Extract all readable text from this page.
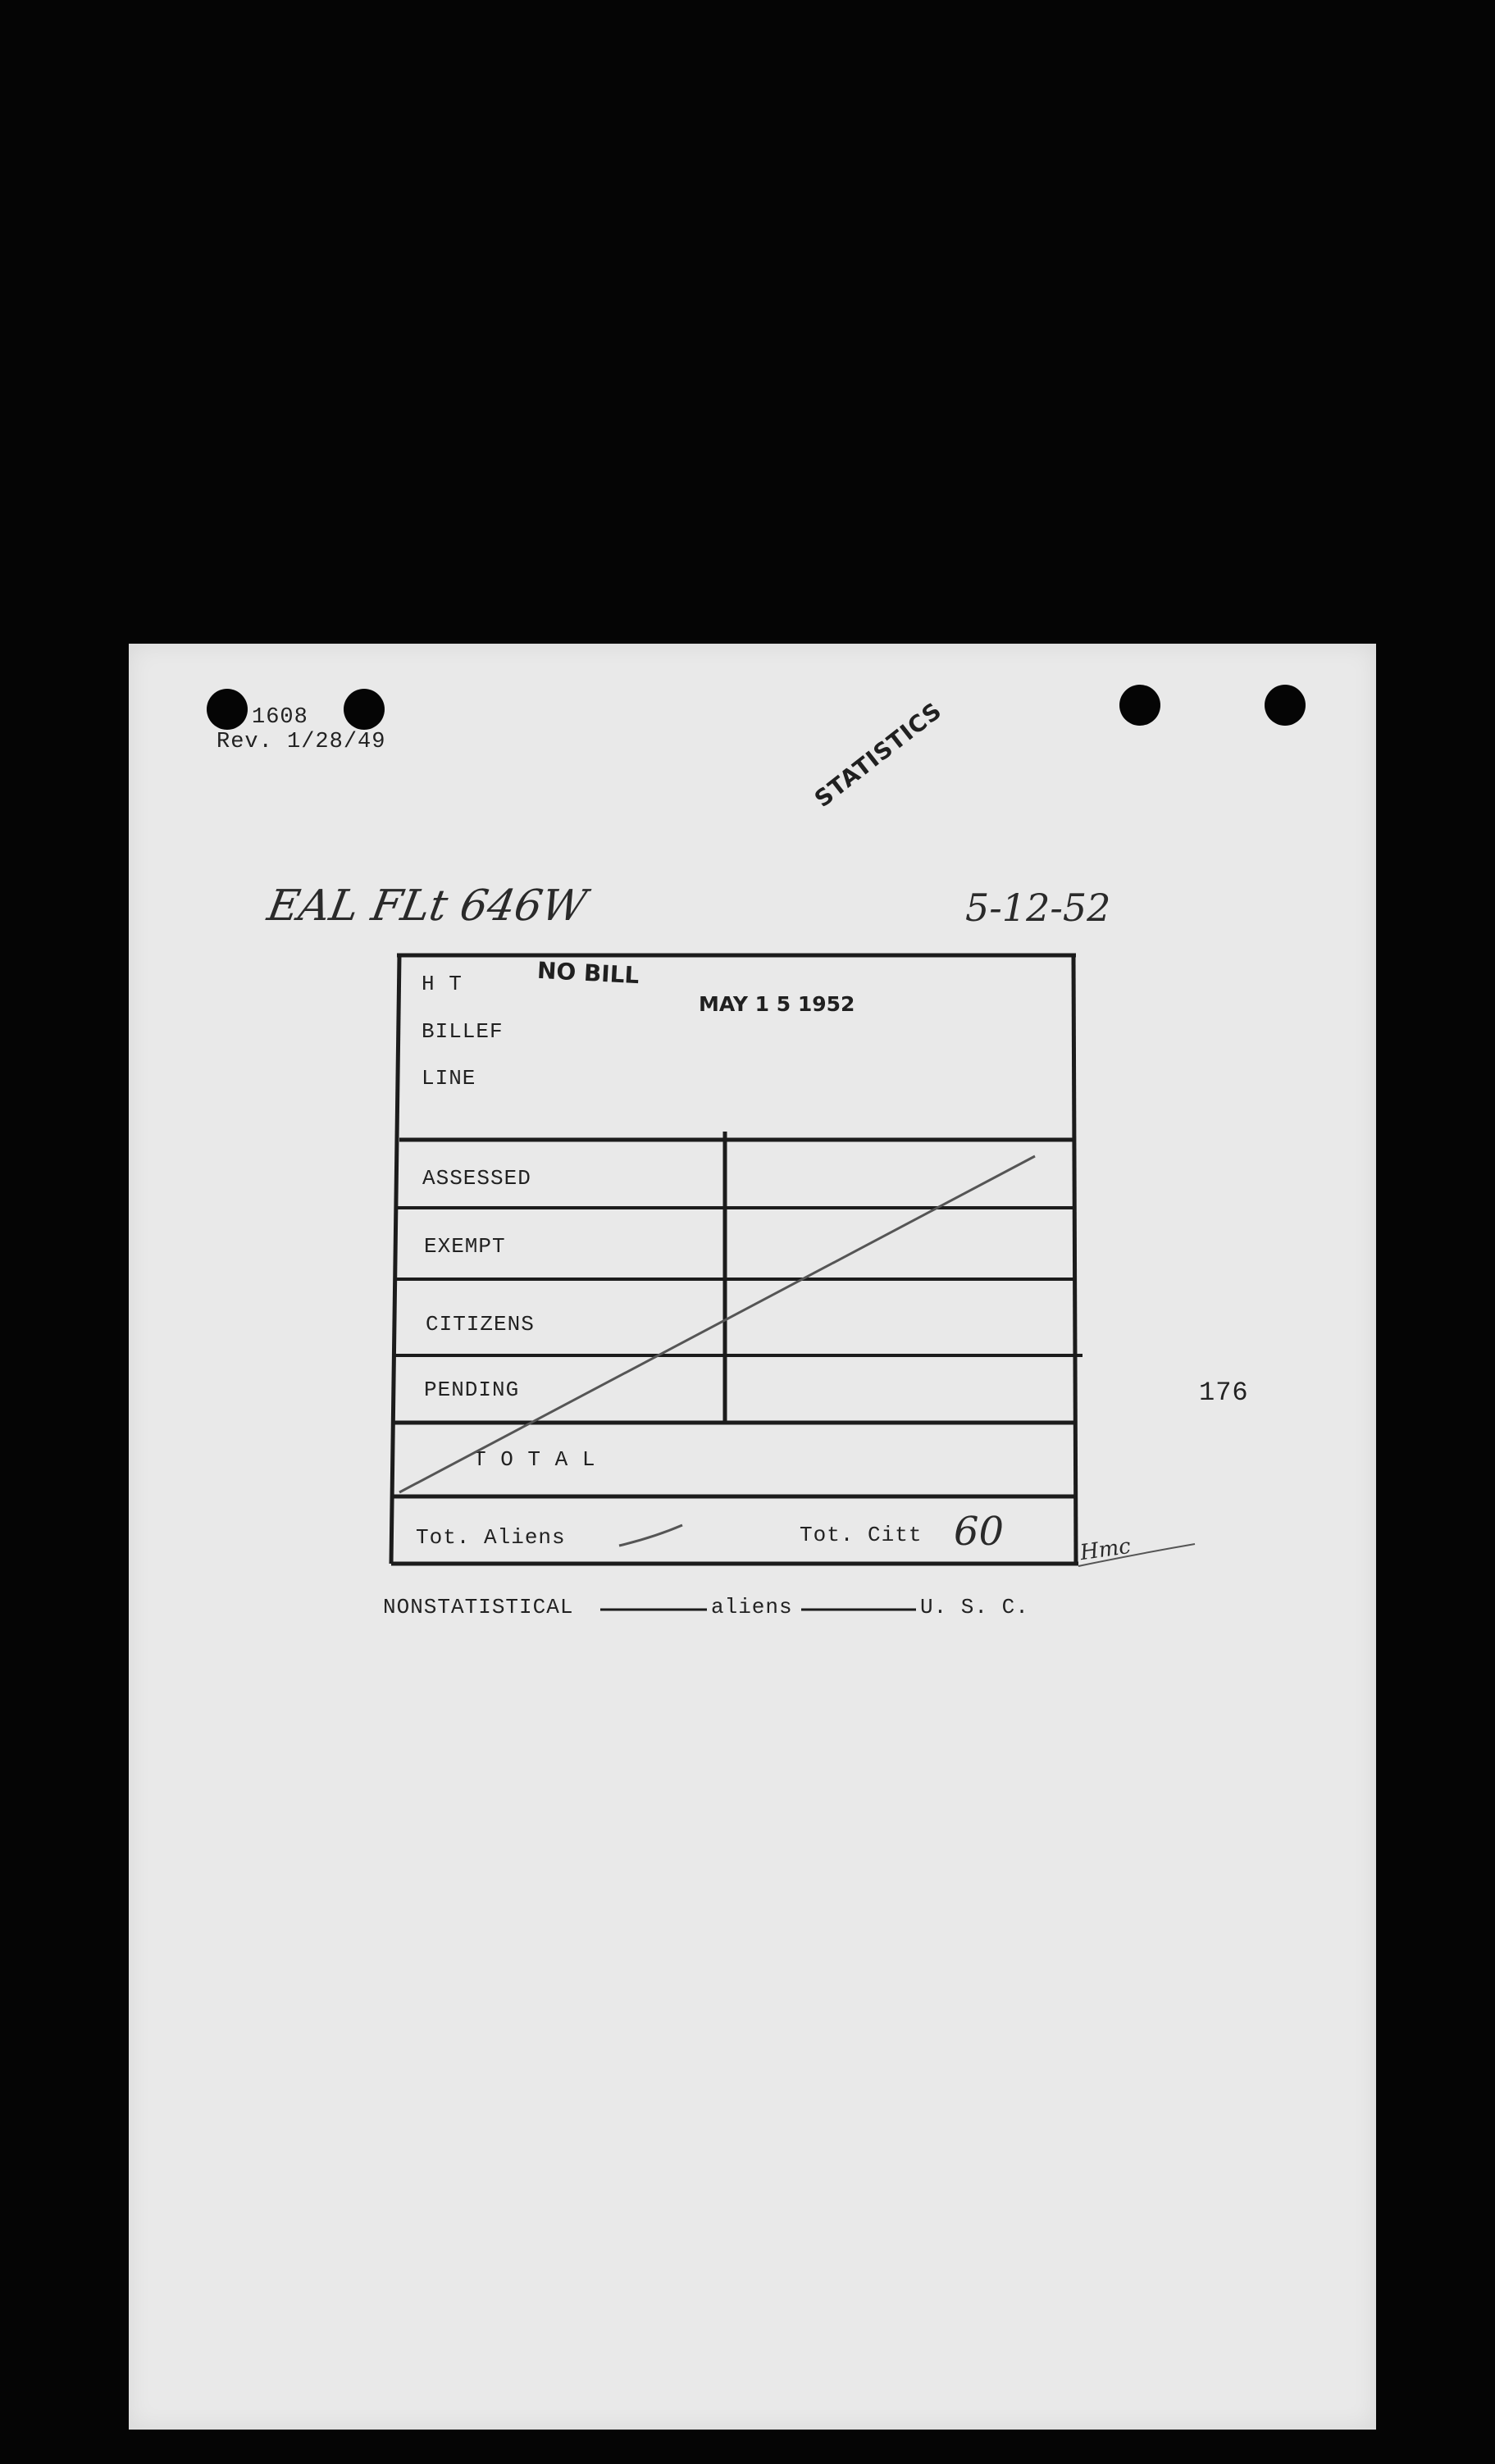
1608
Rev. 1/28/49	STATISTICS
EAL FLt 646W	5-12-52
NO BILL
MAY 1 5 1952
H T
BILLEF
LINE
ASSESSED
EXEMPT
CITIZENS
PENDING
T O T A L
Tot. Aliens	Tot. Citt 60
176
Hmc
NONSTATISTICAL	aliens	U. S. C.
